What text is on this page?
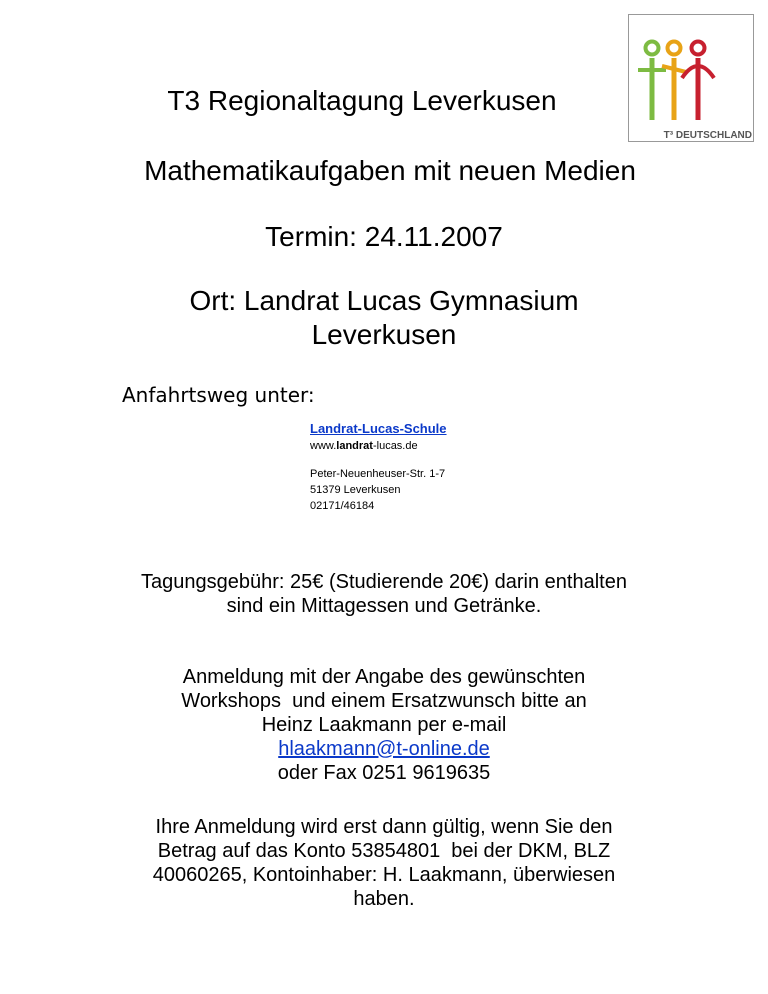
T³ DEUTSCHLAND
T3 Regionaltagung Leverkusen
Mathematikaufgaben mit neuen Medien
Termin: 24.11.2007
Ort: Landrat Lucas Gymnasium
Leverkusen
Anfahrtsweg unter:
Landrat-Lucas-Schule
www.landrat-lucas.de
Peter-Neuenheuser-Str. 1-7
51379 Leverkusen
02171/46184
Tagungsgebühr: 25€ (Studierende 20€) darin enthalten
sind ein Mittagessen und Getränke.
Anmeldung mit der Angabe des gewünschten
Workshops  und einem Ersatzwunsch bitte an
Heinz Laakmann per e-mail
hlaakmann@t-online.de
oder Fax 0251 9619635
Ihre Anmeldung wird erst dann gültig, wenn Sie den
Betrag auf das Konto 53854801  bei der DKM, BLZ
40060265, Kontoinhaber: H. Laakmann, überwiesen
haben.
